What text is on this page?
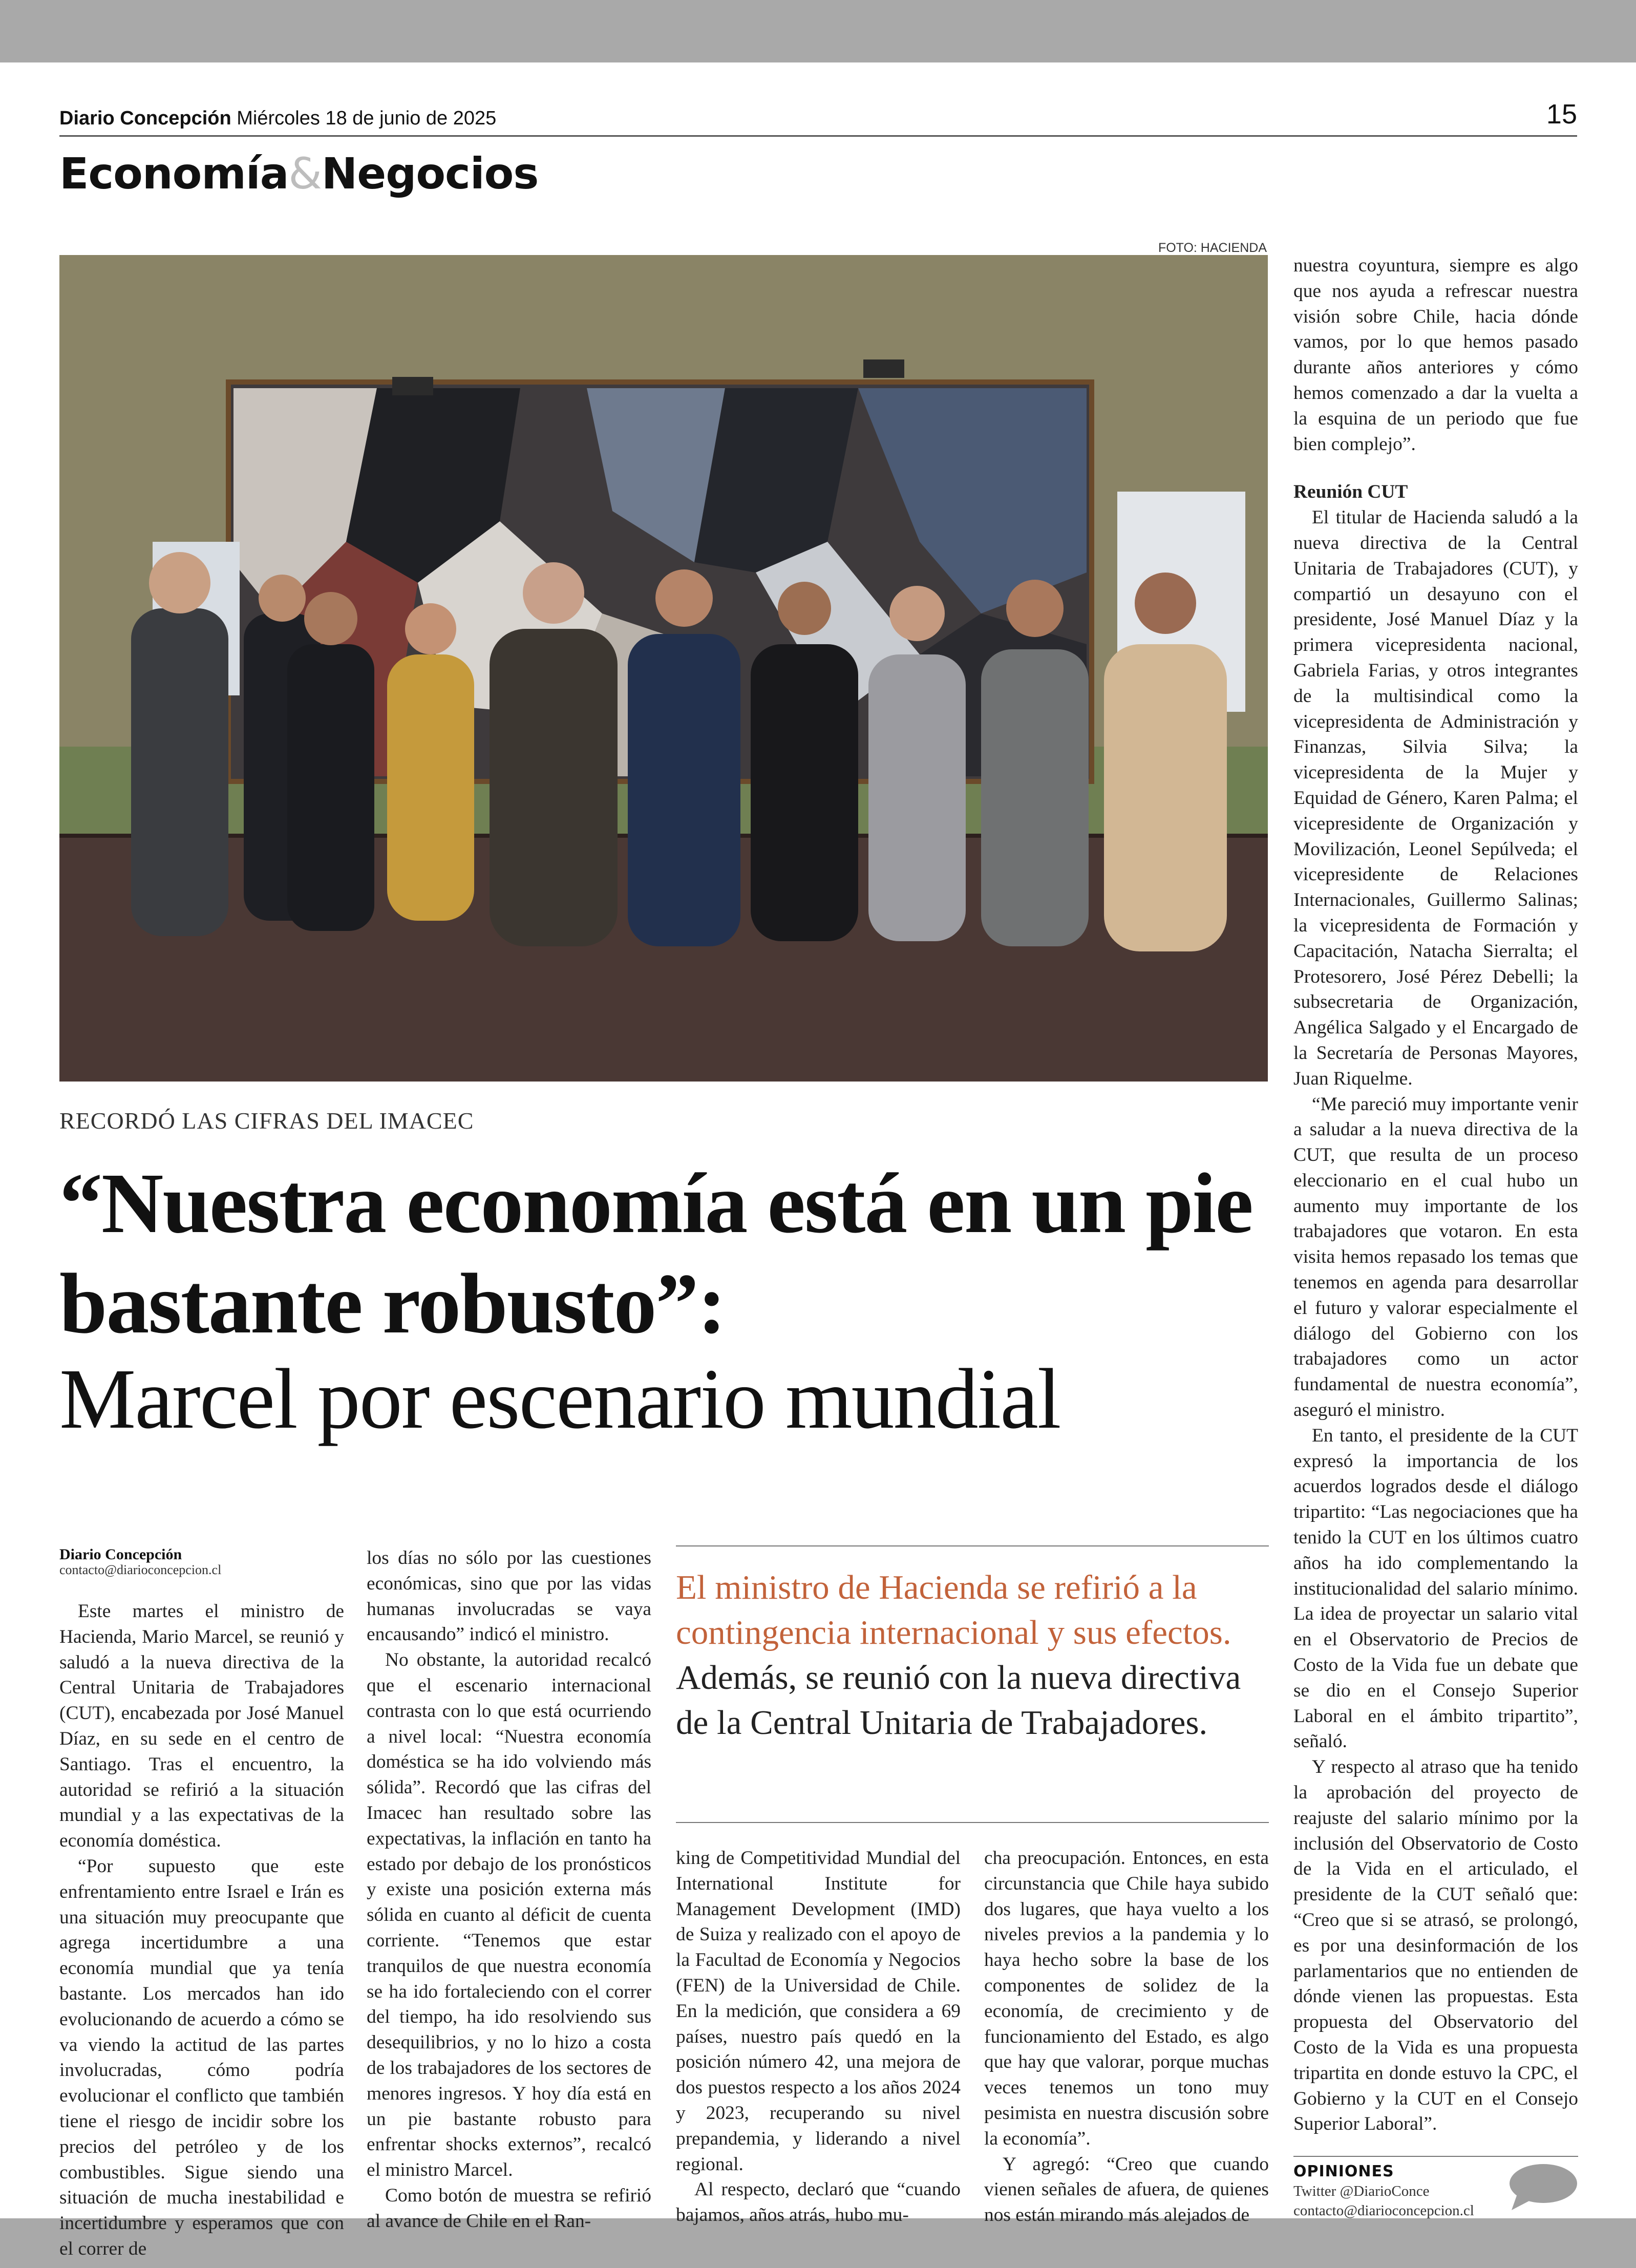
Diario Concepción Miércoles 18 de junio de 2025	15
Economía&Negocios
FOTO: HACIENDA
RECORDÓ LAS CIFRAS DEL IMACEC
“Nuestra economía está en un pie bastante robusto”:
Marcel por escenario mundial
Diario Concepción
contacto@diarioconcepcion.cl

Este martes el ministro de Hacienda, Mario Marcel, se reunió y saludó a la nueva directiva de la Central Unitaria de Trabajadores (CUT), encabezada por José Manuel Díaz, en su sede en el centro de Santiago. Tras el encuentro, la autoridad se refirió a la situación mundial y a las expectativas de la economía doméstica.

“Por supuesto que este enfrentamiento entre Israel e Irán es una situación muy preocupante que agrega incertidumbre a una economía mundial que ya tenía bastante. Los mercados han ido evolucionando de acuerdo a cómo se va viendo la actitud de las partes involucradas, cómo podría evolucionar el conflicto que también tiene el riesgo de incidir sobre los precios del petróleo y de los combustibles. Sigue siendo una situación de mucha inestabilidad e incertidumbre y esperamos que con el correr de

los días no sólo por las cuestiones económicas, sino que por las vidas humanas involucradas se vaya encausando” indicó el ministro.

No obstante, la autoridad recalcó que el escenario internacional contrasta con lo que está ocurriendo a nivel local: “Nuestra economía doméstica se ha ido volviendo más sólida”. Recordó que las cifras del Imacec han resultado sobre las expectativas, la inflación en tanto ha estado por debajo de los pronósticos y existe una posición externa más sólida en cuanto al déficit de cuenta corriente. “Tenemos que estar tranquilos de que nuestra economía se ha ido fortaleciendo con el correr del tiempo, ha ido resolviendo sus desequilibrios, y no lo hizo a costa de los trabajadores de los sectores de menores ingresos. Y hoy día está en un pie bastante robusto para enfrentar shocks externos”, recalcó el ministro Marcel.

Como botón de muestra se refirió al avance de Chile en el Ran-

El ministro de Hacienda se refirió a la contingencia internacional y sus efectos. Además, se reunió con la nueva directiva de la Central Unitaria de Trabajadores.

king de Competitividad Mundial del International Institute for Management Development (IMD) de Suiza y realizado con el apoyo de la Facultad de Economía y Negocios (FEN) de la Universidad de Chile. En la medición, que considera a 69 países, nuestro país quedó en la posición número 42, una mejora de dos puestos respecto a los años 2024 y 2023, recuperando su nivel prepandemia, y liderando a nivel regional.

Al respecto, declaró que “cuando bajamos, años atrás, hubo mu-

cha preocupación. Entonces, en esta circunstancia que Chile haya subido dos lugares, que haya vuelto a los niveles previos a la pandemia y lo haya hecho sobre la base de los componentes de solidez de la economía, de crecimiento y de funcionamiento del Estado, es algo que hay que valorar, porque muchas veces tenemos un tono muy pesimista en nuestra discusión sobre la economía”.

Y agregó: “Creo que cuando vienen señales de afuera, de quienes nos están mirando más alejados de

nuestra coyuntura, siempre es algo que nos ayuda a refrescar nuestra visión sobre Chile, hacia dónde vamos, por lo que hemos pasado durante años anteriores y cómo hemos comenzado a dar la vuelta a la esquina de un periodo que fue bien complejo”.

Reunión CUT

El titular de Hacienda saludó a la nueva directiva de la Central Unitaria de Trabajadores (CUT), y compartió un desayuno con el presidente, José Manuel Díaz y la primera vicepresidenta nacional, Gabriela Farias, y otros integrantes de la multisindical como la vicepresidenta de Administración y Finanzas, Silvia Silva; la vicepresidenta de la Mujer y Equidad de Género, Karen Palma; el vicepresidente de Organización y Movilización, Leonel Sepúlveda; el vicepresidente de Relaciones Internacionales, Guillermo Salinas; la vicepresidenta de Formación y Capacitación, Natacha Sierralta; el Protesorero, José Pérez Debelli; la subsecretaria de Organización, Angélica Salgado y el Encargado de la Secretaría de Personas Mayores, Juan Riquelme.

“Me pareció muy importante venir a saludar a la nueva directiva de la CUT, que resulta de un proceso eleccionario en el cual hubo un aumento muy importante de los trabajadores que votaron. En esta visita hemos repasado los temas que tenemos en agenda para desarrollar el futuro y valorar especialmente el diálogo del Gobierno con los trabajadores como un actor fundamental de nuestra economía”, aseguró el ministro.

En tanto, el presidente de la CUT expresó la importancia de los acuerdos logrados desde el diálogo tripartito: “Las negociaciones que ha tenido la CUT en los últimos cuatro años ha ido complementando la institucionalidad del salario mínimo. La idea de proyectar un salario vital en el Observatorio de Precios de Costo de la Vida fue un debate que se dio en el Consejo Superior Laboral en el ámbito tripartito”, señaló.

Y respecto al atraso que ha tenido la aprobación del proyecto de reajuste del salario mínimo por la inclusión del Observatorio de Costo de la Vida en el articulado, el presidente de la CUT señaló que: “Creo que si se atrasó, se prolongó, es por una desinformación de los parlamentarios que no entienden de dónde vienen las propuestas. Esta propuesta del Observatorio del Costo de la Vida es una propuesta tripartita en donde estuvo la CPC, el Gobierno y la CUT en el Consejo Superior Laboral”.

OPINIONES
Twitter @DiarioConce
contacto@diarioconcepcion.cl
